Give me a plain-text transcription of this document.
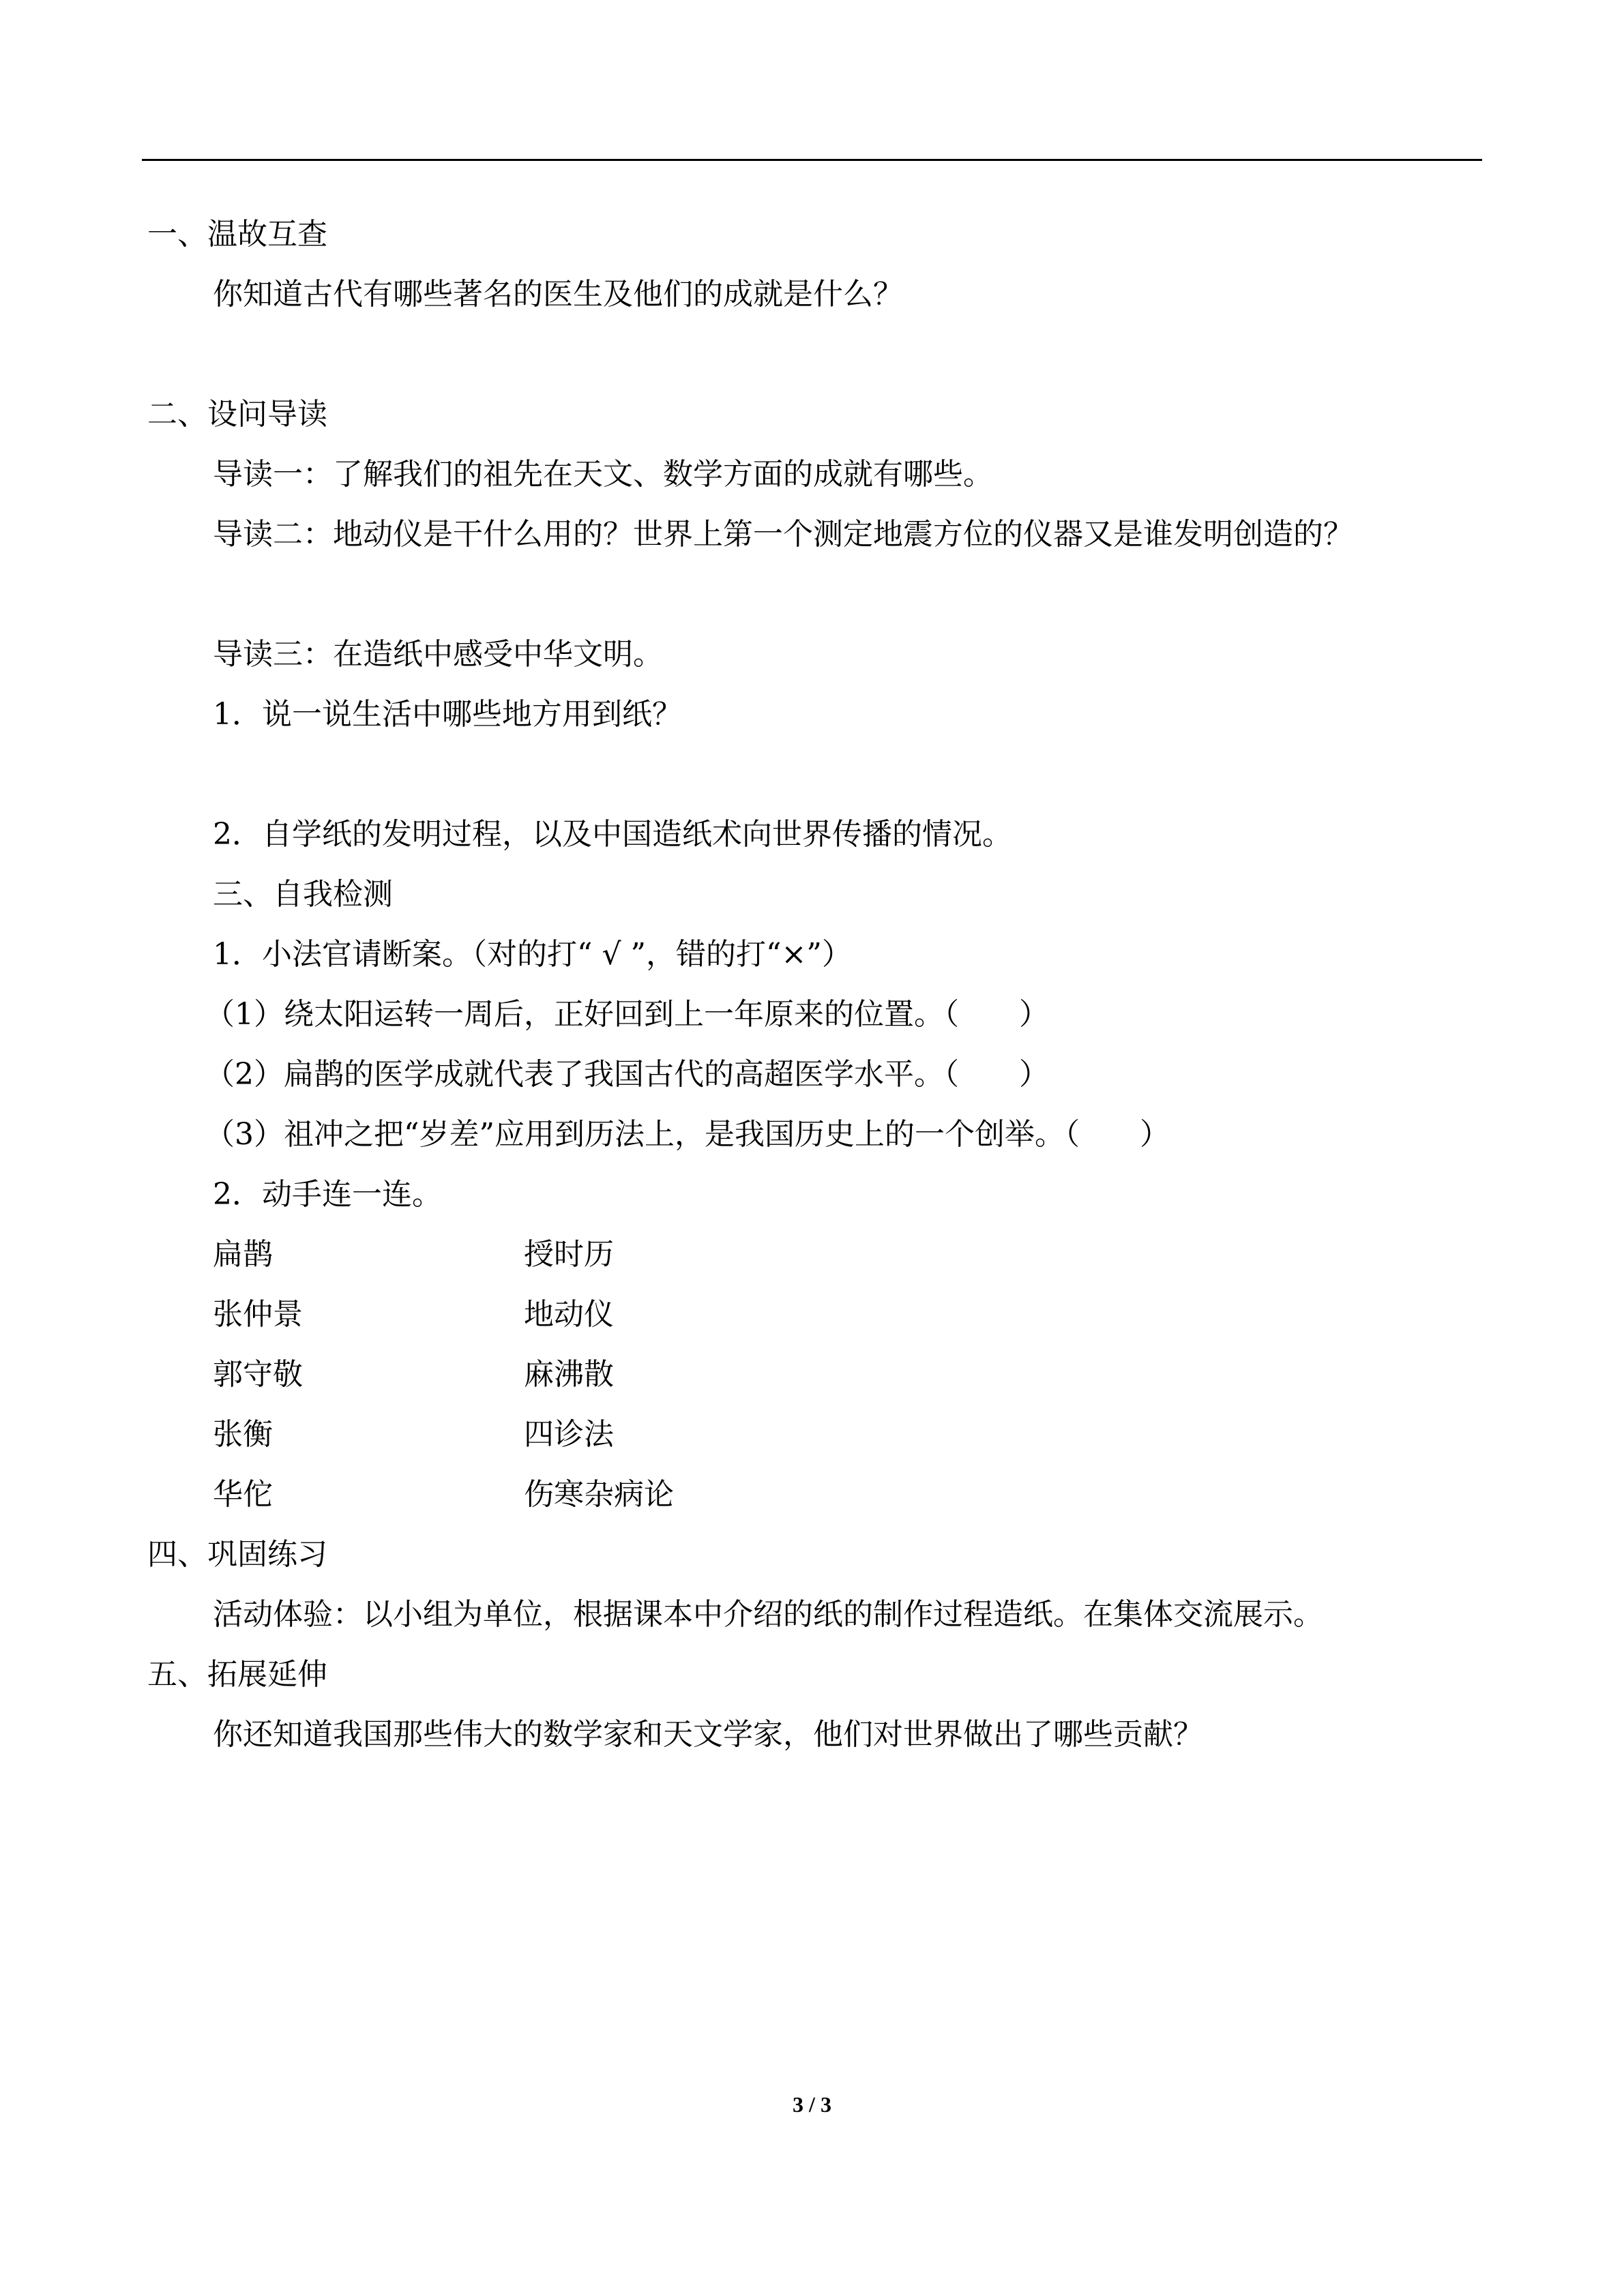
一、温故互查
你知道古代有哪些著名的医生及他们的成就是什么？
二、设问导读
导读一：了解我们的祖先在天文、数学方面的成就有哪些。
导读二：地动仪是干什么用的？世界上第一个测定地震方位的仪器又是谁发明创造的？
导读三：在造纸中感受中华文明。
1．说一说生活中哪些地方用到纸？
2．自学纸的发明过程，以及中国造纸术向世界传播的情况。
三、自我检测
1．小法官请断案。（对的打“ √ ”，错的打“×”）
（1）绕太阳运转一周后，正好回到上一年原来的位置。（　　）
（2）扁鹊的医学成就代表了我国古代的高超医学水平。（　　）
（3）祖冲之把“岁差”应用到历法上，是我国历史上的一个创举。（　　）
2．动手连一连。
扁鹊	授时历
张仲景	地动仪
郭守敬	麻沸散
张衡	四诊法
华佗	伤寒杂病论
四、巩固练习
活动体验：以小组为单位，根据课本中介绍的纸的制作过程造纸。在集体交流展示。
五、拓展延伸
你还知道我国那些伟大的数学家和天文学家，他们对世界做出了哪些贡献？
3 / 3
